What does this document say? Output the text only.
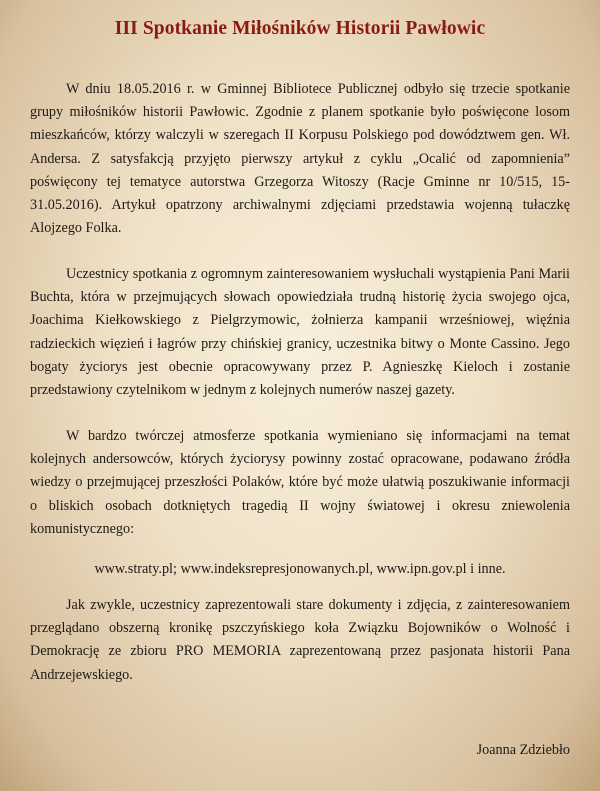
III Spotkanie Miłośników Historii Pawłowic

W dniu 18.05.2016 r. w Gminnej Bibliotece Publicznej odbyło się trzecie spotkanie grupy miłośników historii Pawłowic. Zgodnie z planem spotkanie było poświęcone losom mieszkańców, którzy walczyli w szeregach II Korpusu Polskiego pod dowództwem gen. Wł. Andersa. Z satysfakcją przyjęto pierwszy artykuł z cyklu „Ocalić od zapomnienia” poświęcony tej tematyce autorstwa Grzegorza Witoszy (Racje Gminne nr 10/515, 15-31.05.2016). Artykuł opatrzony archiwalnymi zdjęciami przedstawia wojenną tułaczkę Alojzego Folka.

Uczestnicy spotkania z ogromnym zainteresowaniem wysłuchali wystąpienia Pani Marii Buchta, która w przejmujących słowach opowiedziała trudną historię życia swojego ojca, Joachima Kiełkowskiego z Pielgrzymowic, żołnierza kampanii wrześniowej, więźnia radzieckich więzień i łagrów przy chińskiej granicy, uczestnika bitwy o Monte Cassino. Jego bogaty życiorys jest obecnie opracowywany przez P. Agnieszkę Kieloch i zostanie przedstawiony czytelnikom w jednym z kolejnych numerów naszej gazety.

W bardzo twórczej atmosferze spotkania wymieniano się informacjami na temat kolejnych andersowców, których życiorysy powinny zostać opracowane, podawano źródła wiedzy o przejmującej przeszłości Polaków, które być może ułatwią poszukiwanie informacji o bliskich osobach dotkniętych tragedią II wojny światowej i okresu zniewolenia komunistycznego:

www.straty.pl; www.indeksrepresjonowanych.pl, www.ipn.gov.pl i inne.

Jak zwykle, uczestnicy zaprezentowali stare dokumenty i zdjęcia, z zainteresowaniem przeglądano obszerną kronikę pszczyńskiego koła Związku Bojowników o Wolność i Demokrację ze zbioru PRO MEMORIA zaprezentowaną przez pasjonata historii Pana Andrzejewskiego.

Joanna Zdziebło
